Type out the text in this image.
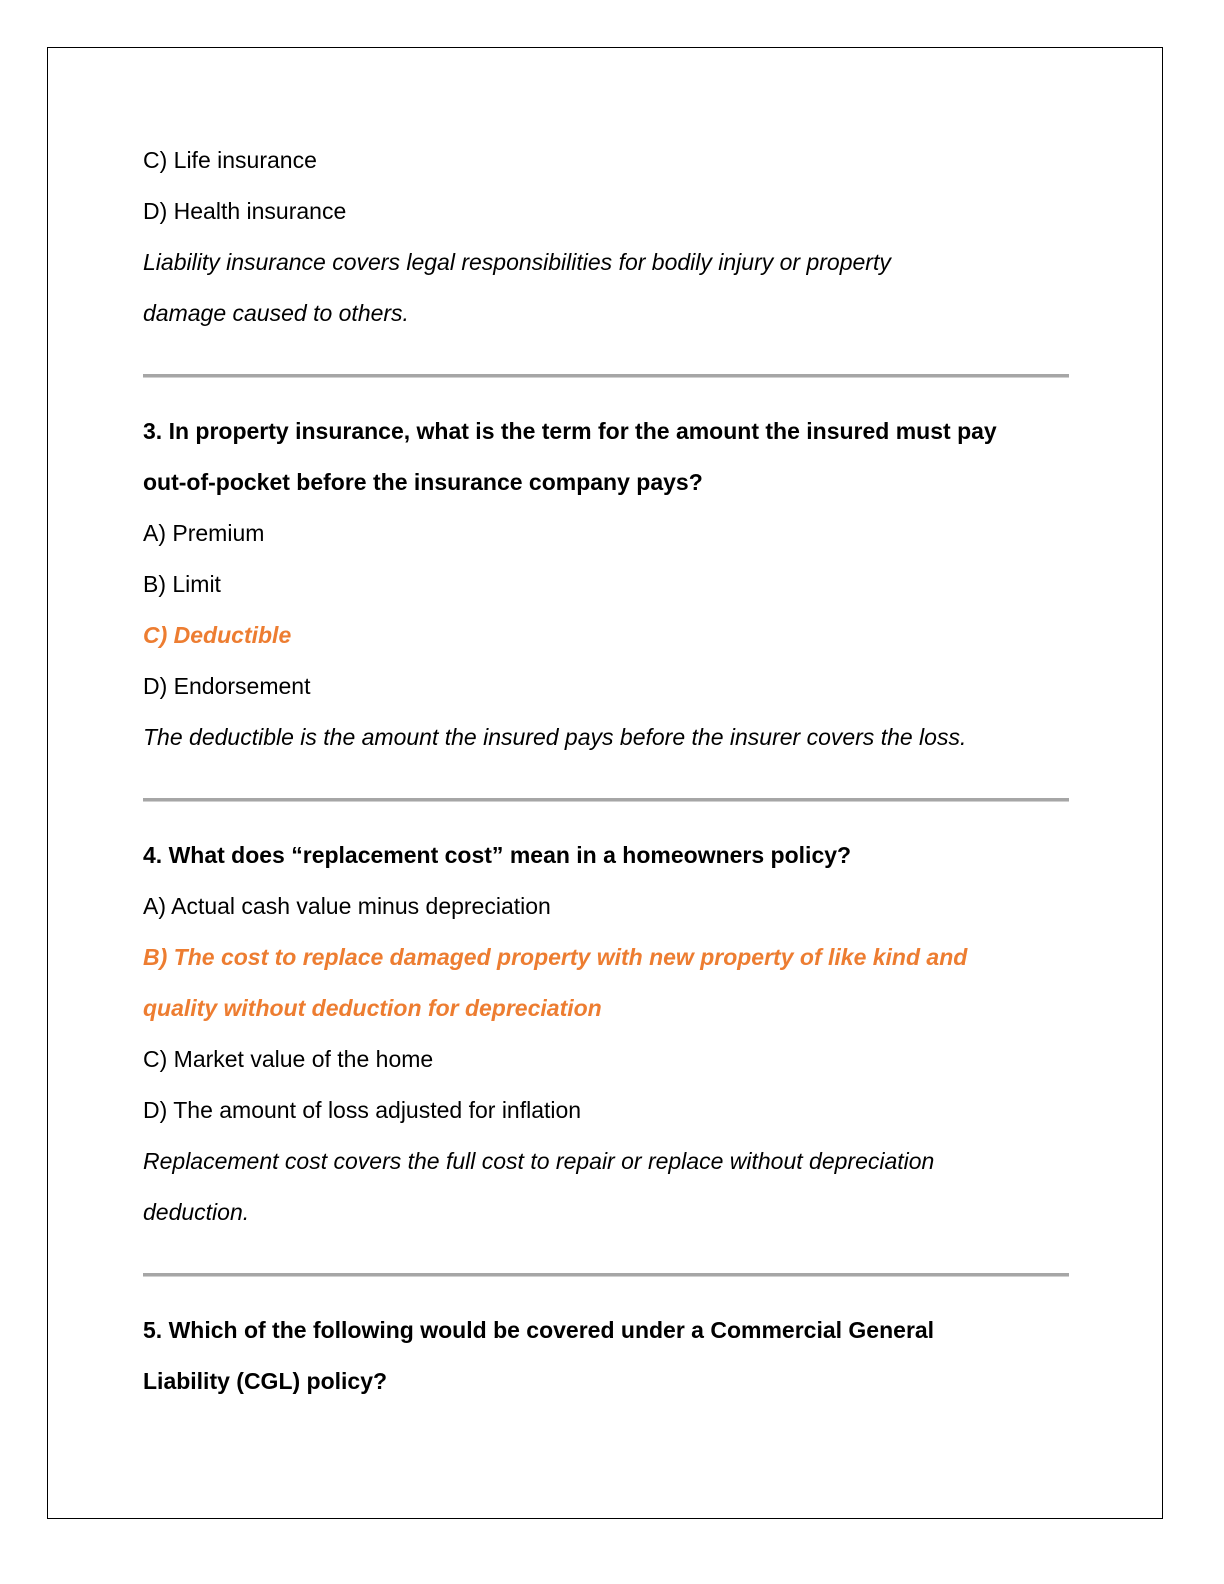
C) Life insurance
D) Health insurance
Liability insurance covers legal responsibilities for bodily injury or property
damage caused to others.
3. In property insurance, what is the term for the amount the insured must pay
out-of-pocket before the insurance company pays?
A) Premium
B) Limit
C) Deductible
D) Endorsement
The deductible is the amount the insured pays before the insurer covers the loss.
4. What does “replacement cost” mean in a homeowners policy?
A) Actual cash value minus depreciation
B) The cost to replace damaged property with new property of like kind and
quality without deduction for depreciation
C) Market value of the home
D) The amount of loss adjusted for inflation
Replacement cost covers the full cost to repair or replace without depreciation
deduction.
5. Which of the following would be covered under a Commercial General
Liability (CGL) policy?
